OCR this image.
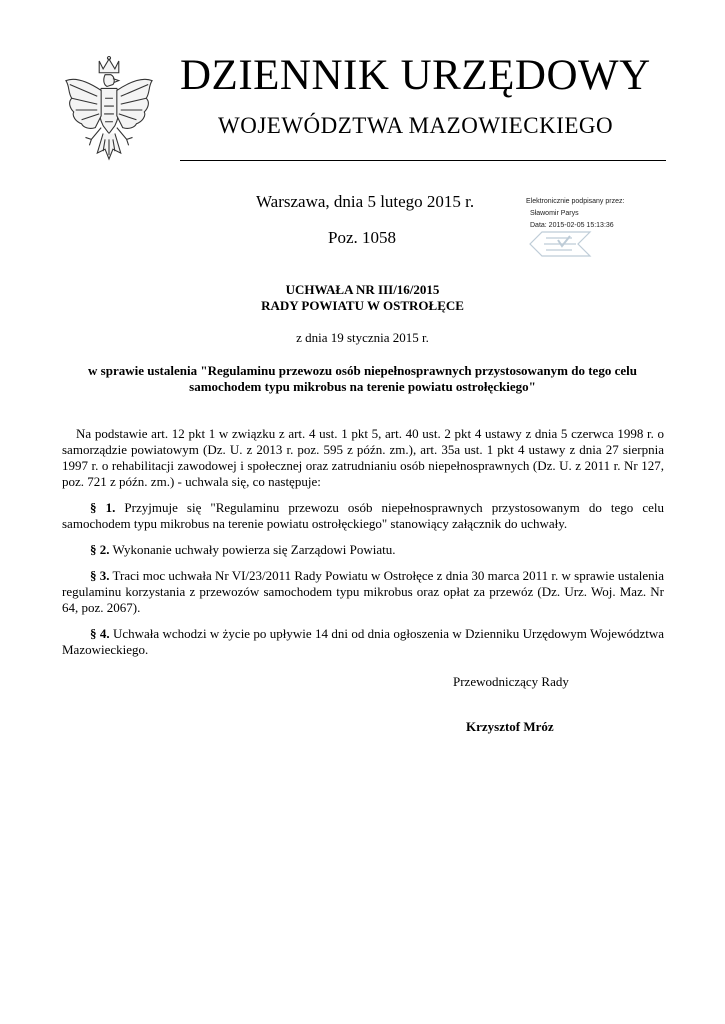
DZIENNIK URZĘDOWY
WOJEWÓDZTWA MAZOWIECKIEGO
Warszawa, dnia 5 lutego 2015 r.
Poz. 1058
Elektronicznie podpisany przez:
Sławomir Parys
Data: 2015-02-05 15:13:36
UCHWAŁA NR III/16/2015
RADY POWIATU W OSTROŁĘCE
z dnia 19 stycznia 2015 r.
w sprawie ustalenia "Regulaminu przewozu osób niepełnosprawnych przystosowanym do tego celu samochodem typu mikrobus na terenie powiatu ostrołęckiego"

Na podstawie art. 12 pkt 1 w związku z art. 4 ust. 1 pkt 5, art. 40 ust. 2 pkt 4 ustawy z dnia 5 czerwca 1998 r. o samorządzie powiatowym (Dz. U. z 2013 r. poz. 595 z późn. zm.), art. 35a ust. 1 pkt 4 ustawy z dnia 27 sierpnia 1997 r. o rehabilitacji zawodowej i społecznej oraz zatrudnianiu osób niepełnosprawnych (Dz. U. z 2011 r. Nr 127, poz. 721 z późn. zm.) - uchwala się, co następuje:

§ 1. Przyjmuje się "Regulaminu przewozu osób niepełnosprawnych przystosowanym do tego celu samochodem typu mikrobus na terenie powiatu ostrołęckiego" stanowiący załącznik do uchwały.

§ 2. Wykonanie uchwały powierza się Zarządowi Powiatu.

§ 3. Traci moc uchwała Nr VI/23/2011 Rady Powiatu w Ostrołęce z dnia 30 marca 2011 r. w sprawie ustalenia regulaminu korzystania z przewozów samochodem typu mikrobus oraz opłat za przewóz (Dz. Urz. Woj. Maz. Nr 64, poz. 2067).

§ 4. Uchwała wchodzi w życie po upływie 14 dni od dnia ogłoszenia w Dzienniku Urzędowym Województwa Mazowieckiego.

Przewodniczący Rady
Krzysztof Mróz
